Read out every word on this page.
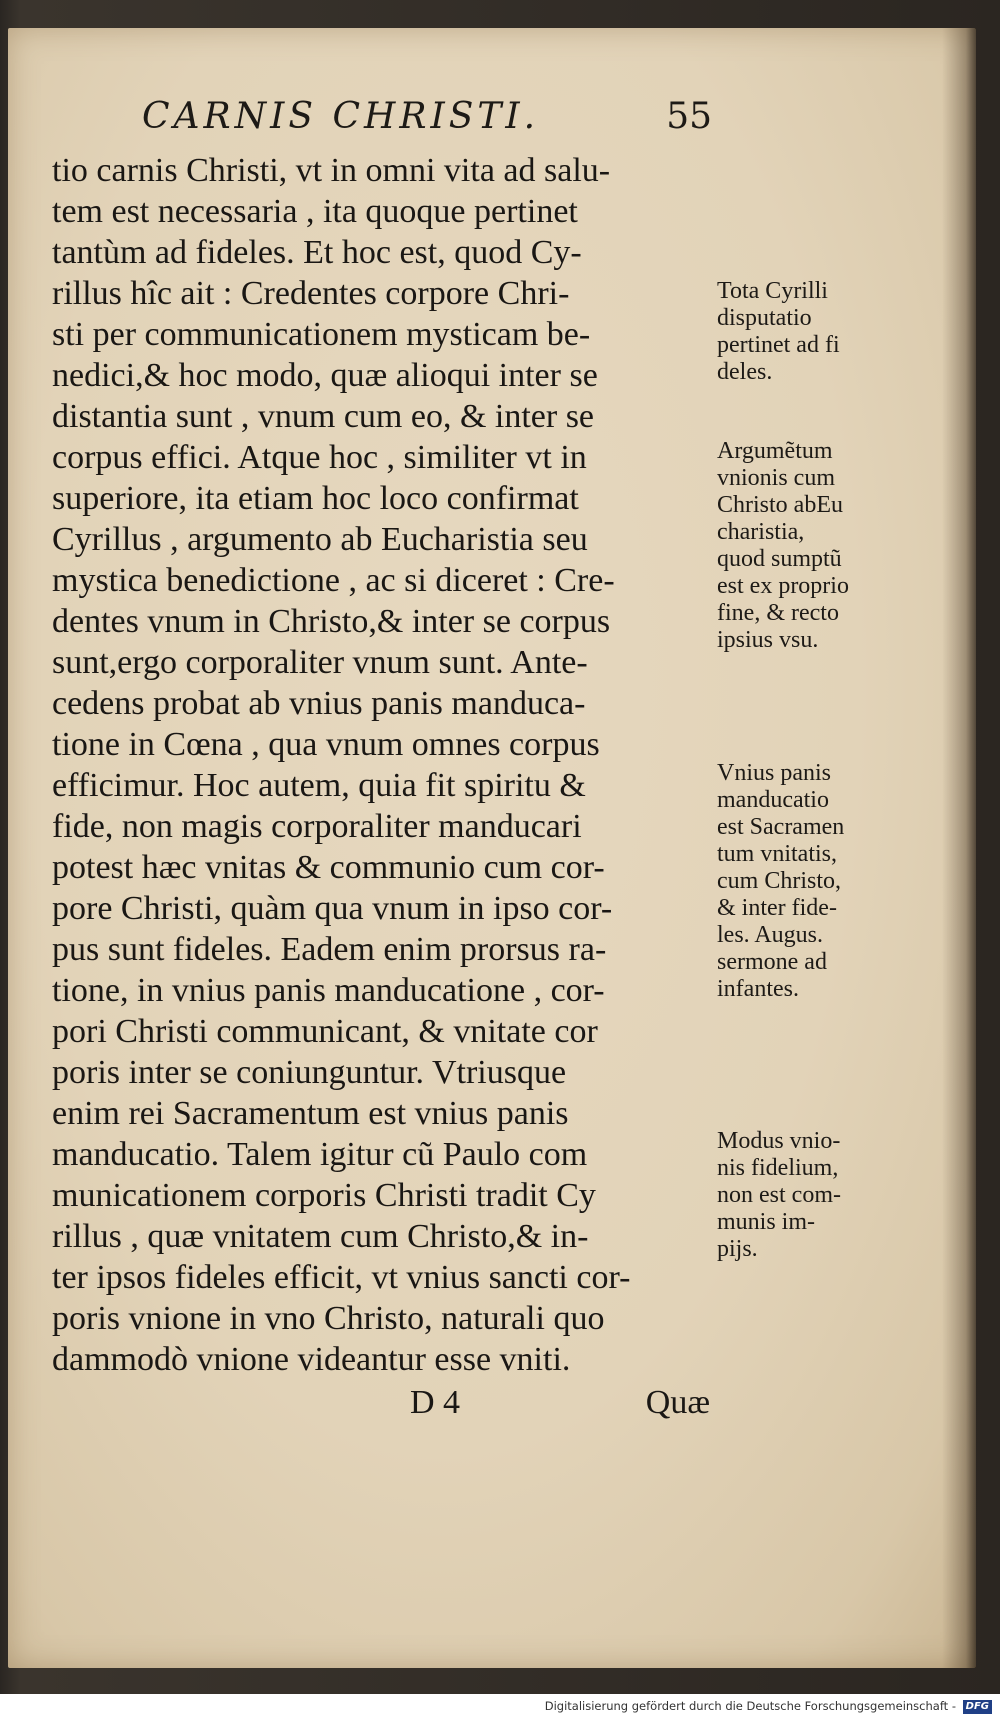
CARNIS CHRISTI.	55
tio carnis Christi, vt in omni vita ad salu-
tem est necessaria , ita quoque pertinet
tantùm ad fideles. Et hoc est, quod Cy-
rillus hîc ait : Credentes corpore Chri-
sti per communicationem mysticam be-
nedici,& hoc modo, quæ alioqui inter se
distantia sunt , vnum cum eo, & inter se
corpus effici. Atque hoc , similiter vt in
superiore, ita etiam hoc loco confirmat
Cyrillus , argumento ab Eucharistia seu
mystica benedictione , ac si diceret : Cre-
dentes vnum in Christo,& inter se corpus
sunt,ergo corporaliter vnum sunt. Ante-
cedens probat ab vnius panis manduca-
tione in Cœna , qua vnum omnes corpus
efficimur. Hoc autem, quia fit spiritu &
fide, non magis corporaliter manducari
potest hæc vnitas & communio cum cor-
pore Christi, quàm qua vnum in ipso cor-
pus sunt fideles. Eadem enim prorsus ra-
tione, in vnius panis manducatione , cor-
pori Christi communicant, & vnitate cor
poris inter se coniunguntur. Vtriusque
enim rei Sacramentum est vnius panis
manducatio. Talem igitur cũ Paulo com
municationem corporis Christi tradit Cy
rillus , quæ vnitatem cum Christo,& in-
ter ipsos fideles efficit, vt vnius sancti cor-
poris vnione in vno Christo, naturali quo
dammodò vnione videantur esse vniti.
D 4	Quæ
Tota Cyrilli
disputatio
pertinet ad fi
deles.
Argumẽtum
vnionis cum
Christo abEu
charistia,
quod sumptũ
est ex proprio
fine, & recto
ipsius vsu.
Vnius panis
manducatio
est Sacramen
tum vnitatis,
cum Christo,
& inter fide-
les. Augus.
sermone ad
infantes.
Modus vnio-
nis fidelium,
non est com-
munis im-
pijs.
Digitalisierung gefördert durch die Deutsche Forschungsgemeinschaft - DFG
